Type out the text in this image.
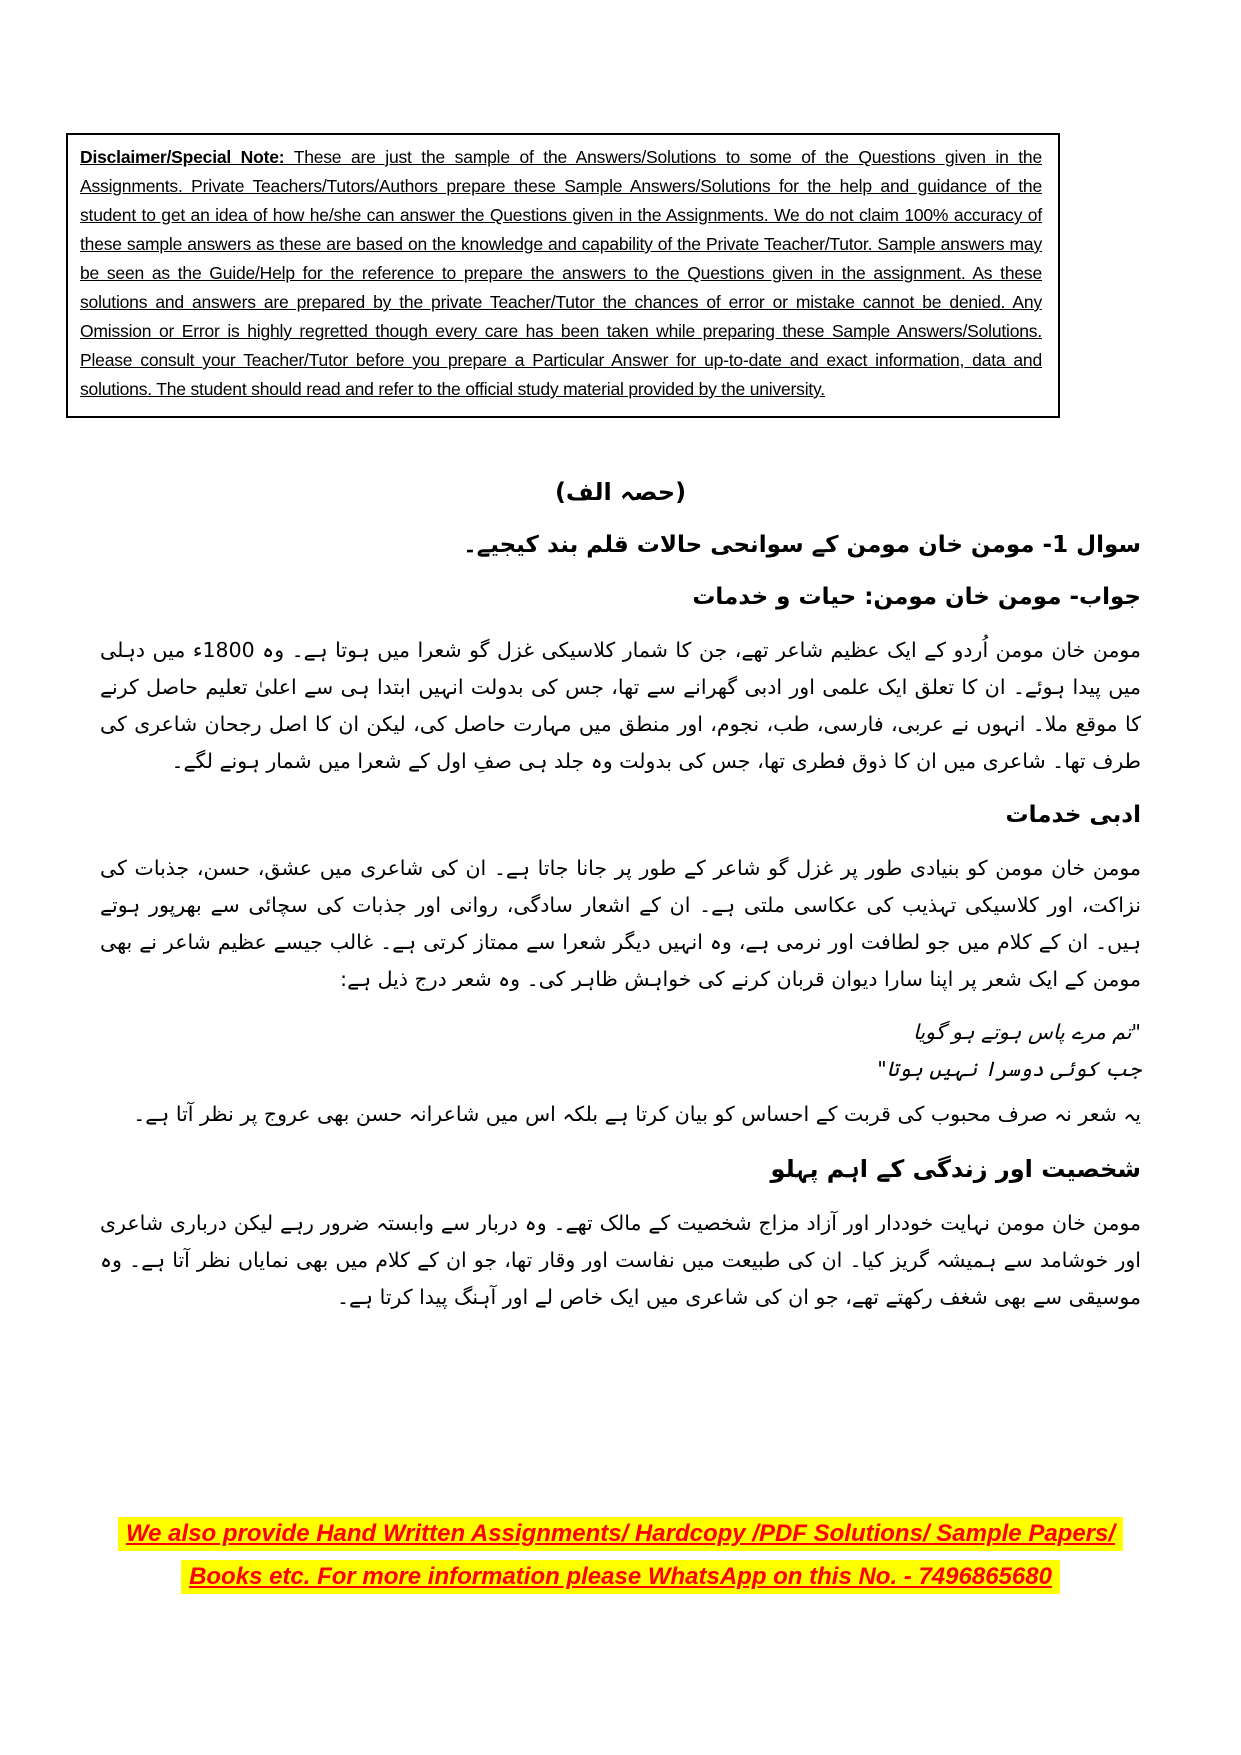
Disclaimer/Special Note: These are just the sample of the Answers/Solutions to some of the Questions given in the Assignments. Private Teachers/Tutors/Authors prepare these Sample Answers/Solutions for the help and guidance of the student to get an idea of how he/she can answer the Questions given in the Assignments. We do not claim 100% accuracy of these sample answers as these are based on the knowledge and capability of the Private Teacher/Tutor. Sample answers may be seen as the Guide/Help for the reference to prepare the answers to the Questions given in the assignment. As these solutions and answers are prepared by the private Teacher/Tutor the chances of error or mistake cannot be denied. Any Omission or Error is highly regretted though every care has been taken while preparing these Sample Answers/Solutions. Please consult your Teacher/Tutor before you prepare a Particular Answer for up-to-date and exact information, data and solutions. The student should read and refer to the official study material provided by the university.

(حصہ الف)

سوال 1- مومن خان مومن کے سوانحی حالات قلم بند کیجیے۔

جواب- مومن خان مومن: حیات و خدمات

مومن خان مومن اُردو کے ایک عظیم شاعر تھے، جن کا شمار کلاسیکی غزل گو شعرا میں ہوتا ہے۔ وہ 1800ء میں دہلی میں پیدا ہوئے۔ ان کا تعلق ایک علمی اور ادبی گھرانے سے تھا، جس کی بدولت انہیں ابتدا ہی سے اعلیٰ تعلیم حاصل کرنے کا موقع ملا۔ انہوں نے عربی، فارسی، طب، نجوم، اور منطق میں مہارت حاصل کی، لیکن ان کا اصل رجحان شاعری کی طرف تھا۔ شاعری میں ان کا ذوق فطری تھا، جس کی بدولت وہ جلد ہی صفِ اول کے شعرا میں شمار ہونے لگے۔

ادبی خدمات

مومن خان مومن کو بنیادی طور پر غزل گو شاعر کے طور پر جانا جاتا ہے۔ ان کی شاعری میں عشق، حسن، جذبات کی نزاکت، اور کلاسیکی تہذیب کی عکاسی ملتی ہے۔ ان کے اشعار سادگی، روانی اور جذبات کی سچائی سے بھرپور ہوتے ہیں۔ ان کے کلام میں جو لطافت اور نرمی ہے، وہ انہیں دیگر شعرا سے ممتاز کرتی ہے۔ غالب جیسے عظیم شاعر نے بھی مومن کے ایک شعر پر اپنا سارا دیوان قربان کرنے کی خواہش ظاہر کی۔ وہ شعر درج ذیل ہے:

"تم مرے پاس ہوتے ہو گویا

جب کوئی دوسرا نہیں ہوتا"

یہ شعر نہ صرف محبوب کی قربت کے احساس کو بیان کرتا ہے بلکہ اس میں شاعرانہ حسن بھی عروج پر نظر آتا ہے۔

شخصیت اور زندگی کے اہم پہلو

مومن خان مومن نہایت خوددار اور آزاد مزاج شخصیت کے مالک تھے۔ وہ دربار سے وابستہ ضرور رہے لیکن درباری شاعری اور خوشامد سے ہمیشہ گریز کیا۔ ان کی طبیعت میں نفاست اور وقار تھا، جو ان کے کلام میں بھی نمایاں نظر آتا ہے۔ وہ موسیقی سے بھی شغف رکھتے تھے، جو ان کی شاعری میں ایک خاص لے اور آہنگ پیدا کرتا ہے۔

We also provide Hand Written Assignments/ Hardcopy /PDF Solutions/ Sample Papers/
Books etc. For more information please WhatsApp on this No. - 7496865680
